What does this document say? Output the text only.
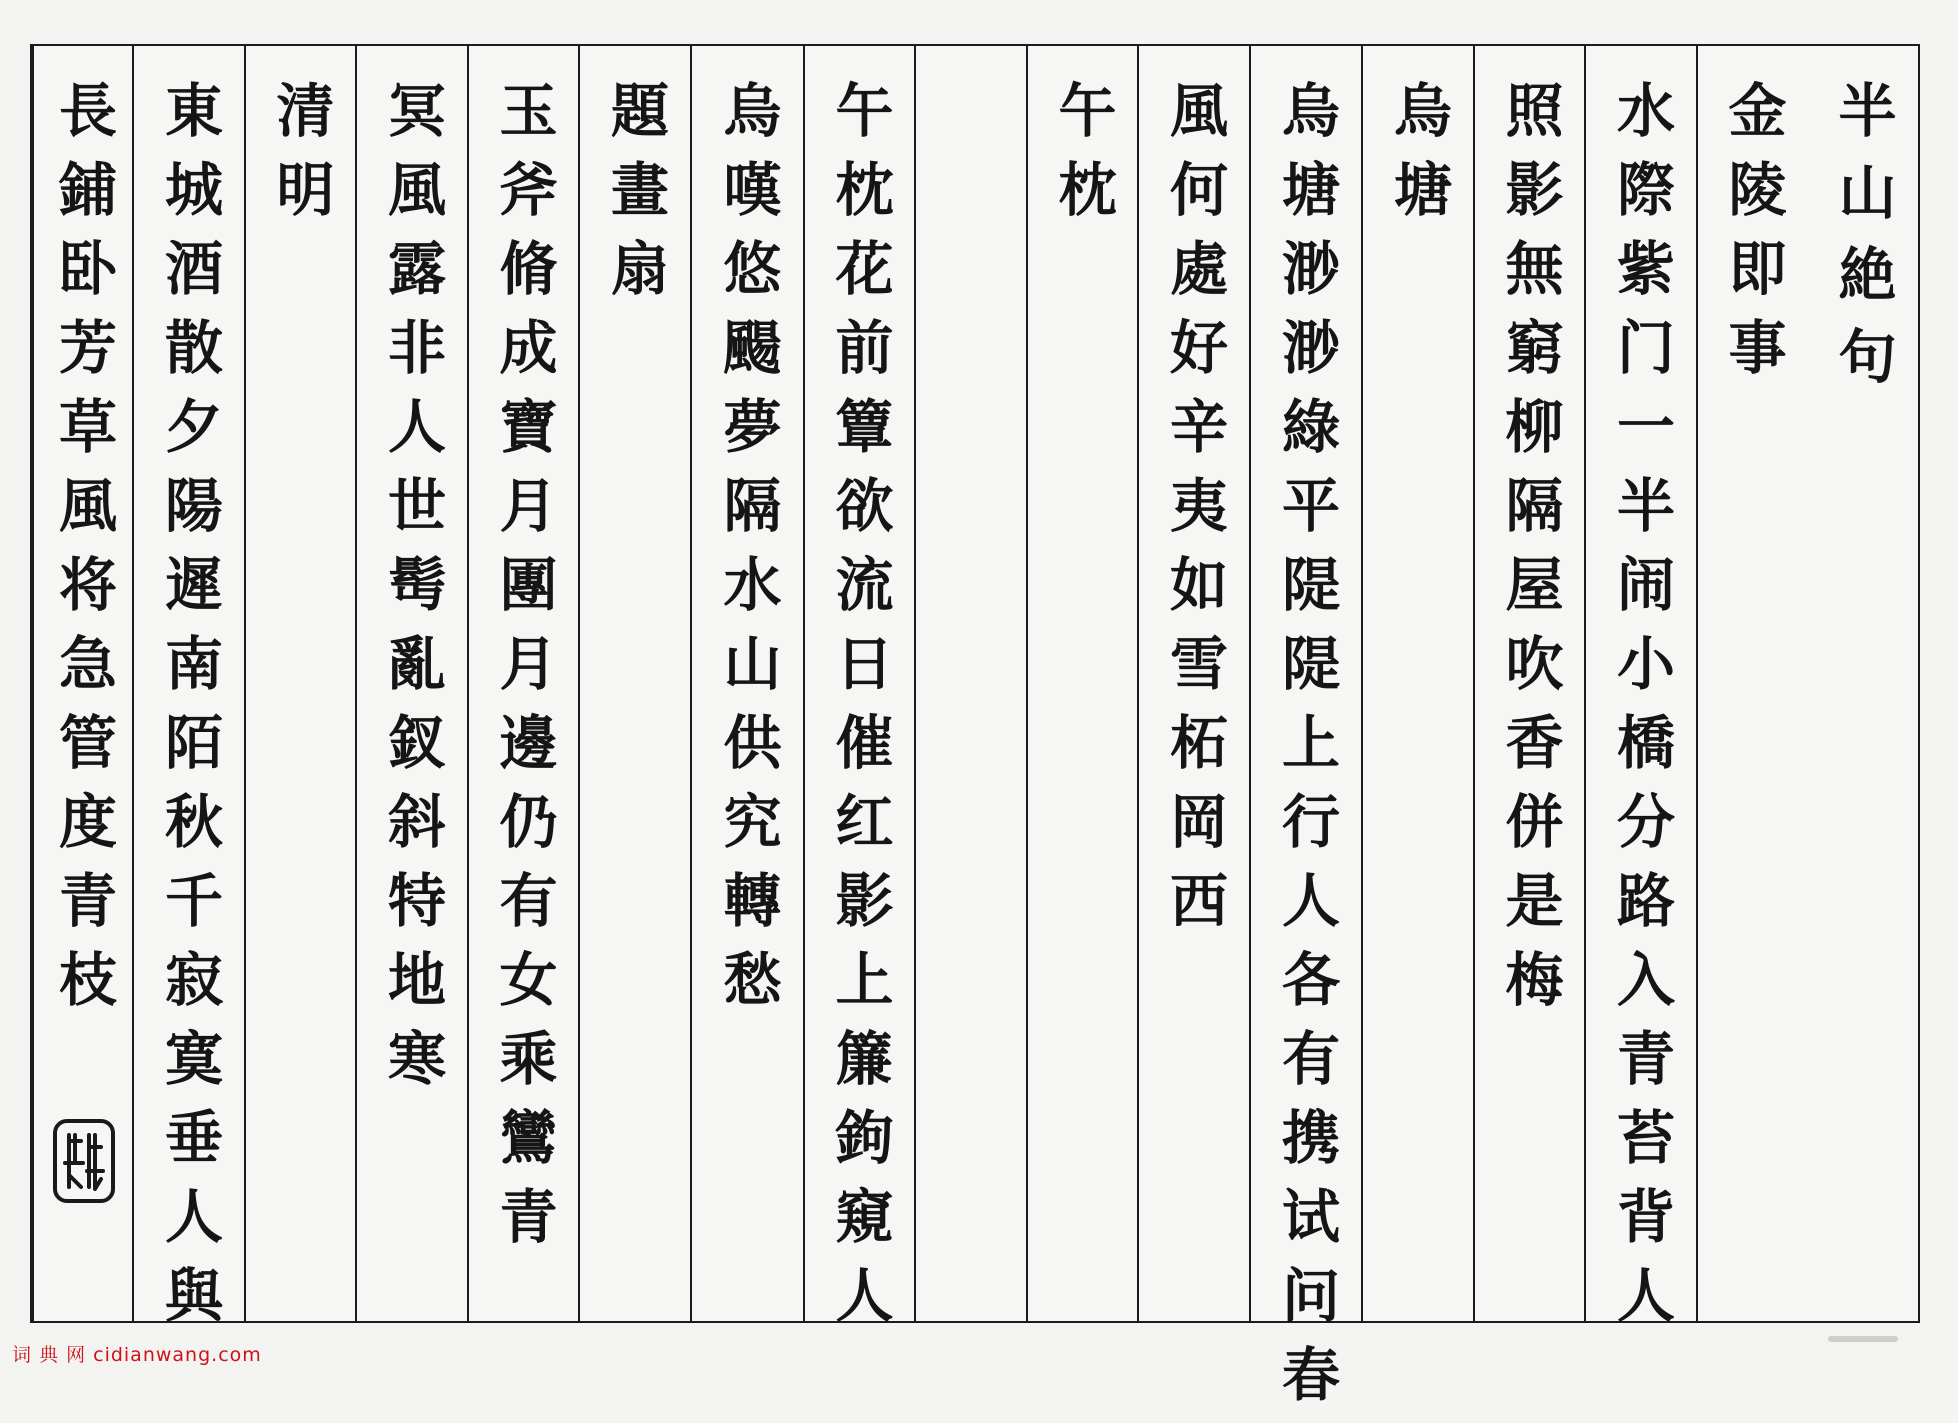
半山絶句
金陵即事
水際紫门一半闹小橋分路入青苔背人
照影無窮柳隔屋吹香併是梅
烏塘
烏塘渺渺綠平隄隄上行人各有携试问春
風何處好辛夷如雪柘岡西
午枕
午枕花前簟欲流日催红影上簾鉤窺人
烏嘆悠颺夢隔水山供究轉愁
題畫扇
玉斧脩成寶月團月邊仍有女乘鸞青
冥風露非人世髩亂釵斜特地寒
清明
東城酒散夕陽遲南陌秋千寂寞垂人與
長鋪卧芳草風将急管度青枝
词 典 网 cidianwang.com
